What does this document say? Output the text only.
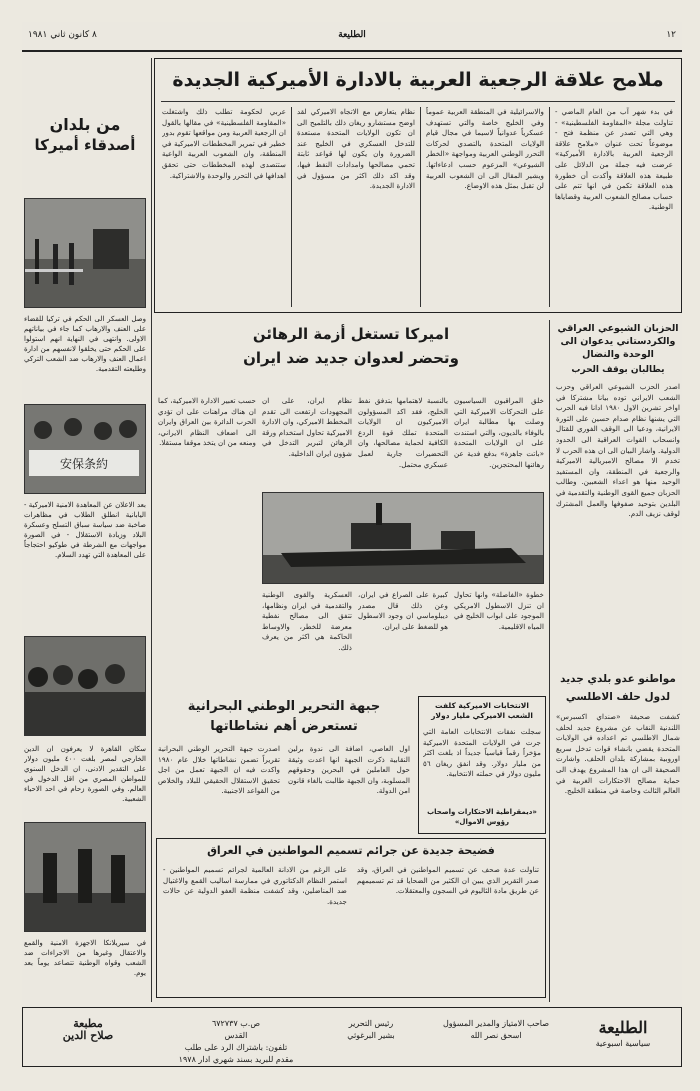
١٢
الطليعة
٨ كانون ثاني ١٩٨١
ملامح علاقة الرجعية العربية بالادارة الأميركية الجديدة
في بدء شهر آب من العام الماضي - تناولت مجلة «المقاومة الفلسطينية» - وهي التي تصدر عن منظمة فتح - موضوعاً تحت عنوان «ملامح علاقة الرجعية العربية بالادارة الأميركية» عرضت فيه جملة من الدلائل على طبيعة هذه العلاقة وأكدت أن خطورة هذه العلاقة تكمن في انها تتم على حساب مصالح الشعوب العربية وقضاياها الوطنية.
والاسرائيلية في المنطقة العربية عموماً وفي الخليج خاصة والتي تستهدف عسكرياً عدوانياً لاسيما في مجال قيام الولايات المتحدة بالتصدي لحركات التحرر الوطني العربية ومواجهة «الخطر الشيوعي» المزعوم حسب ادعاءاتها. ويشير المقال الى ان الشعوب العربية لن تقبل بمثل هذه الاوضاع.
نظام يتعارض مع الاتجاه الاميركي لقد اوضح مستشارو ريغان ذلك بالتلميح الى ان تكون الولايات المتحدة مستعدة للتدخل العسكري في الخليج عند الضرورة وان يكون لها قواعد ثابتة تحمي مصالحها وامدادات النفط فيها، وقد اكد ذلك اكثر من مسؤول في الادارة الجديدة.
عربي لحكومة تطلب ذلك واشتغلت «المقاومة الفلسطينية» في مقالها بالقول ان الرجعية العربية ومن مواقعها تقوم بدور خطير في تمرير المخططات الاميركية في المنطقة، وان الشعوب العربية الواعية ستتصدى لهذه المخططات حتى تحقق اهدافها في التحرر والوحدة والاشتراكية.
من بلدان
أصدقاء أميركا
وصل العسكر الى الحكم في تركيا للقضاء على العنف والارهاب كما جاء في بياناتهم الاولى. وانتهى في النهاية انهم استولوا على الحكم حتى يخلقوا لانفسهم من ادارة اعمال العنف والارهاب ضد الشعب التركي وطليعته التقدمية.
安保条約
بعد الاعلان عن المعاهدة الامنية الاميركية - اليابانية انطلق الطلاب في مظاهرات صاخبة ضد سياسة سباق التسلح وعسكرة البلاد وزيادة الاستقلال - في الصورة مواجهات مع الشرطة في طوكيو احتجاجاً على المعاهدة التي تهدد السلام.
سكان القاهرة لا يعرفون ان الدين الخارجي لمصر بلغت ٤٠٠ مليون دولار على التقدير الادنى، ان الدخل السنوي للمواطن المصري من اقل الدخول في العالم. وفي الصورة زحام في احد الاحياء الشعبية.
في سيريلانكا الاجهزة الامنية والقمع والاعتقال وغيرها من الاجراءات ضد الشعب وقواه الوطنية تتصاعد يوماً بعد يوم.
الحزبان الشيوعي العراقي والكردستاني يدعوان الى الوحدة والنضال
يطالبان بوقف الحرب
اصدر الحزب الشيوعي العراقي وحزب الشعب الايراني توده بيانا مشتركا في اواخر تشرين الاول ١٩٨٠ ادانا فيه الحرب التي يشنها نظام صدام حسين على الثورة الايرانية، ودعيا الى الوقف الفوري للقتال وانسحاب القوات العراقية الى الحدود الدولية. واشار البيان الى ان هذه الحرب لا تخدم الا مصالح الامبريالية الاميركية والرجعية في المنطقة، وان المستفيد الوحيد منها هو اعداء الشعبين. وطالب الحزبان جميع القوى الوطنية والتقدمية في البلدين بتوحيد صفوفها والعمل المشترك لوقف نزيف الدم.
اميركا تستغل أزمة الرهائن
وتحضر لعدوان جديد ضد ايران
خلق المراقبون السياسيون على التحركات الاميركية التي وصلت بها مطالبة ايران بالوفاء بالديون، والتي استندت على ان الولايات المتحدة «باتت جاهزة» بدفع فدية عن رهائنها المحتجزين.
بالنسبة لاهتمامها بتدفق نفط الخليج، فقد اكد المسؤولون الاميركيون ان الولايات المتحدة تملك قوة الردع الكافية لحماية مصالحها، وان التحضيرات جارية لعمل عسكري محتمل.
نظام ايران، على ان المجهودات ارتفعت الى تقدم المخطط الاميركي، وان الادارة الاميركية تحاول استخدام ورقة الرهائن لتبرير التدخل في شؤون ايران الداخلية.
حسب تعبير الادارة الاميركية، كما ان هناك مراهنات على ان تؤدي الحرب الدائرة بين العراق وايران الى اضعاف النظام الايراني، ومنعه من ان يتخذ موقفا مستقلا.
خطوة «الفاصلة» وانها تحاول ان تنزل الاسطول الامريكي الموجود على ابواب الخليج في المياه الاقليمية.
كبيرة على الصراع في ايران، وعن ذلك قال مصدر ديبلوماسي ان وجود الاسطول هو للضغط على ايران.
العسكرية والقوى الوطنية والتقدمية في ايران ونظامها، تتفق الى مصالح نفطية معرضة للخطر، والاوساط الحاكمة هي اكثر من يعرف ذلك.
مواطنو عدو بلدي جديد
لدول حلف الاطلسي
كشفت صحيفة «صنداي اكسبرس» اللندنية النقاب عن مشروع جديد لحلف شمال الاطلسي تم اعداده في الولايات المتحدة يقضي بانشاء قوات تدخل سريع اوروبية بمشاركة بلدان الحلف. واشارت الصحيفة الى ان هذا المشروع يهدف الى حماية مصالح الاحتكارات الغربية في العالم الثالث وخاصة في منطقة الخليج.
الانتخابات الاميركية كلفت الشعب الاميركي مليار دولار
سجلت نفقات الانتخابات العامة التي جرت في الولايات المتحدة الاميركية مؤخراً رقماً قياسياً جديداً اذ بلغت اكثر من مليار دولار. وقد انفق ريغان ٥٦ مليون دولار في حملته الانتخابية.
«ديمقراطية الاحتكارات واصحاب رؤوس الاموال»
جبهة التحرير الوطني البحرانية
تستعرض أهم نشاطاتها
اول العاصي، اضافة الى ندوة برلين النقابية ذكرت الجبهة انها اعدت وثيقة حول العاملين في البحرين وحقوقهم المسلوبة، وان الجبهة طالبت بالغاء قانون امن الدولة.
اصدرت جبهة التحرير الوطني البحرانية تقريراً تضمن نشاطاتها خلال عام ١٩٨٠ واكدت فيه ان الجبهة تعمل من اجل تحقيق الاستقلال الحقيقي للبلاد والخلاص من القواعد الاجنبية.
فضيحة جديدة عن جرائم تسميم المواطنين في العراق
تناولت عدة صحف عن تسميم المواطنين في العراق، وقد صدر التقرير الذي يبين ان الكثير من الضحايا قد تم تسميمهم عن طريق مادة الثاليوم في السجون والمعتقلات.
على الرغم من الادانة العالمية لجرائم تسميم المواطنين - استمر النظام الدكتاتوري في ممارسة اساليب القمع والاغتيال ضد المناضلين، وقد كشفت منظمة العفو الدولية عن حالات جديدة.
الطليعة
سياسية اسبوعية
صاحب الامتياز والمدير المسؤول
اسحق نصر الله
رئيس التحرير
بشير البرغوثي
ص.ب ٦٧٢٧٣٧
القدس
تلفون: باشتراك الرد على طلب
مقدم للبريد بسند شهري ادار ١٩٧٨
مطبعة
صلاح الدين
